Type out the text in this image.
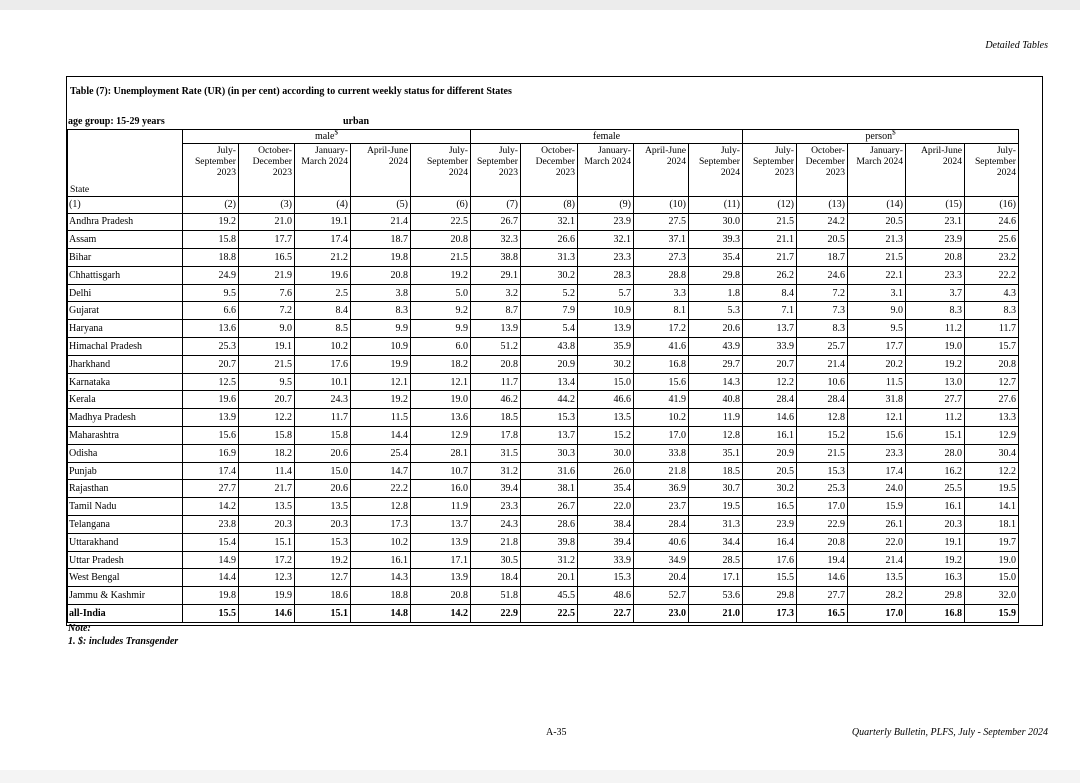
Detailed Tables
Table (7): Unemployment Rate (UR) (in per cent) according to current weekly status for different States
age group: 15-29 years	urban
	male$					female					person$
State	July-September 2023	October-December 2023	January-March 2024	April-June 2024	July-September 2024	July-September 2023	October-December 2023	January-March 2024	April-June 2024	July-September 2024	July-September 2023	October-December 2023	January-March 2024	April-June 2024	July-September 2024
(1)	(2)	(3)	(4)	(5)	(6)	(7)	(8)	(9)	(10)	(11)	(12)	(13)	(14)	(15)	(16)
Andhra Pradesh	19.2	21.0	19.1	21.4	22.5	26.7	32.1	23.9	27.5	30.0	21.5	24.2	20.5	23.1	24.6
Assam	15.8	17.7	17.4	18.7	20.8	32.3	26.6	32.1	37.1	39.3	21.1	20.5	21.3	23.9	25.6
Bihar	18.8	16.5	21.2	19.8	21.5	38.8	31.3	23.3	27.3	35.4	21.7	18.7	21.5	20.8	23.2
Chhattisgarh	24.9	21.9	19.6	20.8	19.2	29.1	30.2	28.3	28.8	29.8	26.2	24.6	22.1	23.3	22.2
Delhi	9.5	7.6	2.5	3.8	5.0	3.2	5.2	5.7	3.3	1.8	8.4	7.2	3.1	3.7	4.3
Gujarat	6.6	7.2	8.4	8.3	9.2	8.7	7.9	10.9	8.1	5.3	7.1	7.3	9.0	8.3	8.3
Haryana	13.6	9.0	8.5	9.9	9.9	13.9	5.4	13.9	17.2	20.6	13.7	8.3	9.5	11.2	11.7
Himachal Pradesh	25.3	19.1	10.2	10.9	6.0	51.2	43.8	35.9	41.6	43.9	33.9	25.7	17.7	19.0	15.7
Jharkhand	20.7	21.5	17.6	19.9	18.2	20.8	20.9	30.2	16.8	29.7	20.7	21.4	20.2	19.2	20.8
Karnataka	12.5	9.5	10.1	12.1	12.1	11.7	13.4	15.0	15.6	14.3	12.2	10.6	11.5	13.0	12.7
Kerala	19.6	20.7	24.3	19.2	19.0	46.2	44.2	46.6	41.9	40.8	28.4	28.4	31.8	27.7	27.6
Madhya Pradesh	13.9	12.2	11.7	11.5	13.6	18.5	15.3	13.5	10.2	11.9	14.6	12.8	12.1	11.2	13.3
Maharashtra	15.6	15.8	15.8	14.4	12.9	17.8	13.7	15.2	17.0	12.8	16.1	15.2	15.6	15.1	12.9
Odisha	16.9	18.2	20.6	25.4	28.1	31.5	30.3	30.0	33.8	35.1	20.9	21.5	23.3	28.0	30.4
Punjab	17.4	11.4	15.0	14.7	10.7	31.2	31.6	26.0	21.8	18.5	20.5	15.3	17.4	16.2	12.2
Rajasthan	27.7	21.7	20.6	22.2	16.0	39.4	38.1	35.4	36.9	30.7	30.2	25.3	24.0	25.5	19.5
Tamil Nadu	14.2	13.5	13.5	12.8	11.9	23.3	26.7	22.0	23.7	19.5	16.5	17.0	15.9	16.1	14.1
Telangana	23.8	20.3	20.3	17.3	13.7	24.3	28.6	38.4	28.4	31.3	23.9	22.9	26.1	20.3	18.1
Uttarakhand	15.4	15.1	15.3	10.2	13.9	21.8	39.8	39.4	40.6	34.4	16.4	20.8	22.0	19.1	19.7
Uttar Pradesh	14.9	17.2	19.2	16.1	17.1	30.5	31.2	33.9	34.9	28.5	17.6	19.4	21.4	19.2	19.0
West Bengal	14.4	12.3	12.7	14.3	13.9	18.4	20.1	15.3	20.4	17.1	15.5	14.6	13.5	16.3	15.0
Jammu & Kashmir	19.8	19.9	18.6	18.8	20.8	51.8	45.5	48.6	52.7	53.6	29.8	27.7	28.2	29.8	32.0
all-India	15.5	14.6	15.1	14.8	14.2	22.9	22.5	22.7	23.0	21.0	17.3	16.5	17.0	16.8	15.9
Note:
1. $: includes Transgender
A-35	Quarterly Bulletin, PLFS, July - September 2024
